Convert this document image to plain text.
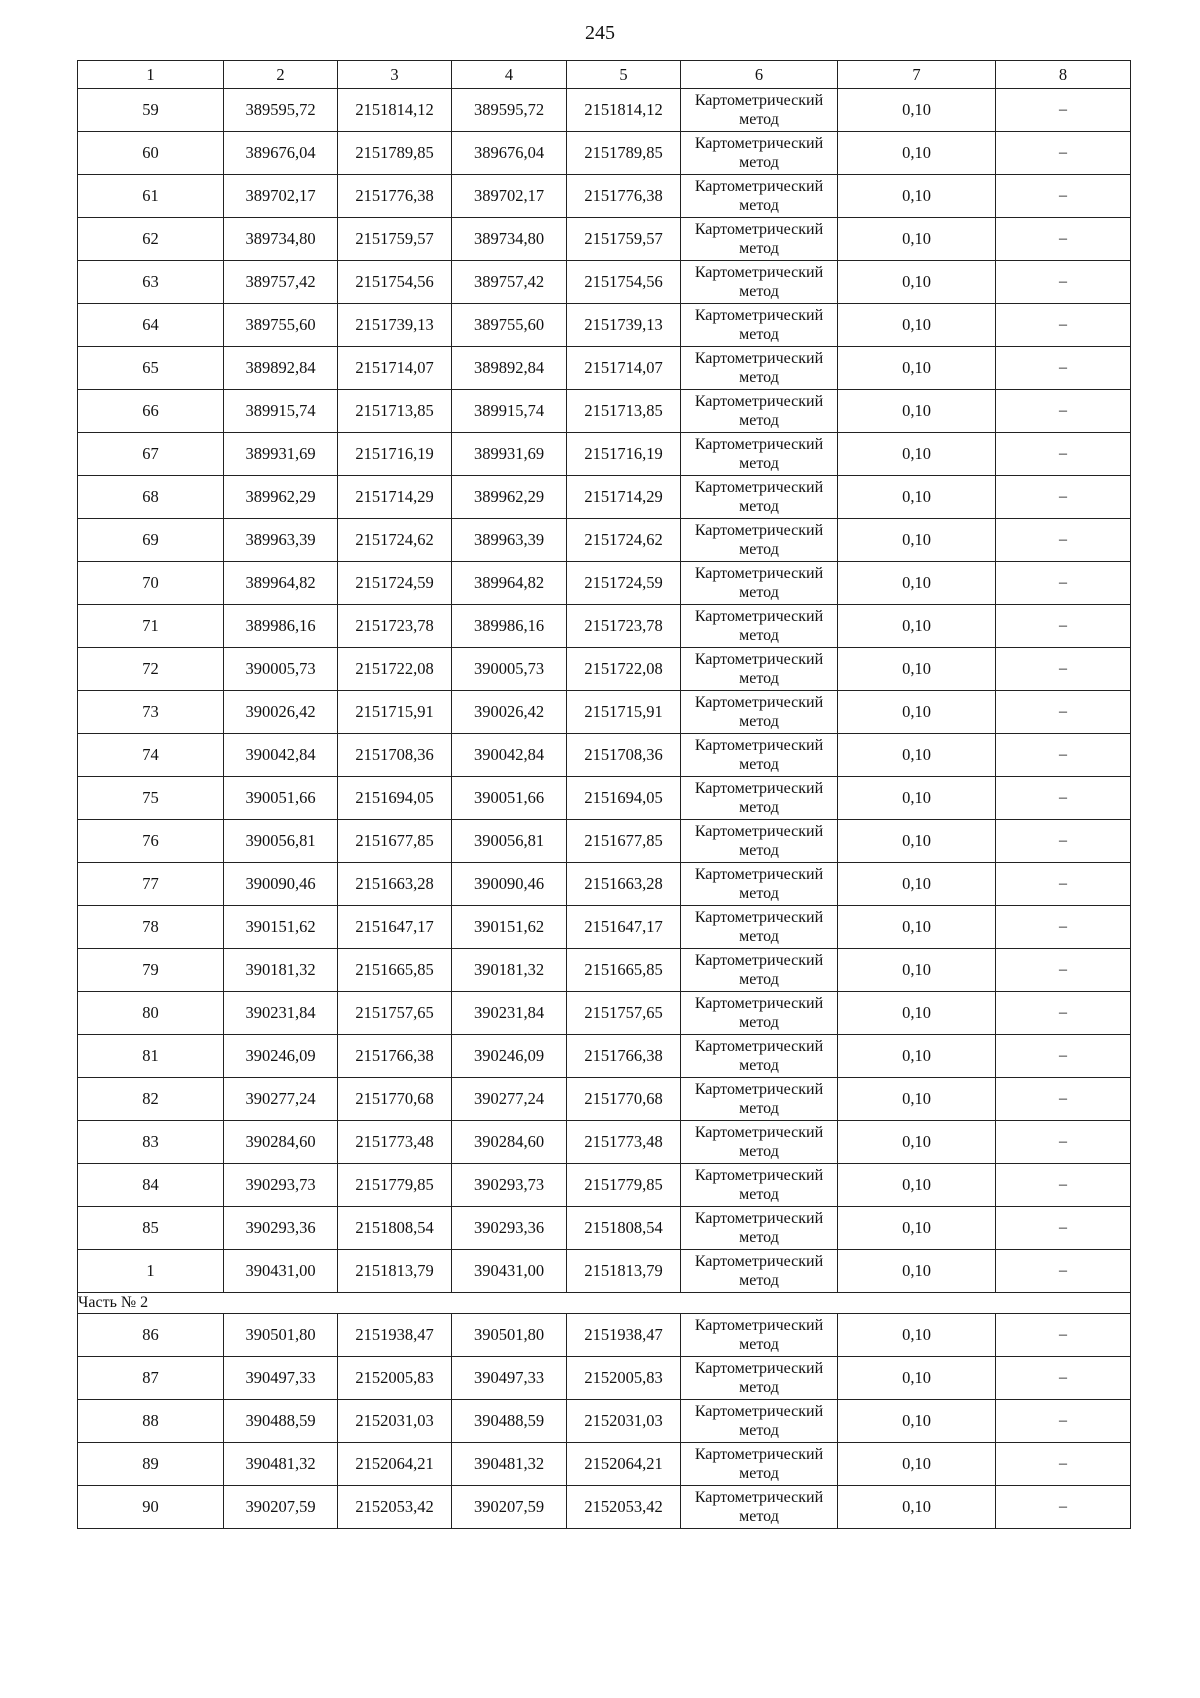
245
1	2	3	4	5	6	7	8
59	389595,72	2151814,12	389595,72	2151814,12	Картометрический
метод	0,10	–
60	389676,04	2151789,85	389676,04	2151789,85	Картометрический
метод	0,10	–
61	389702,17	2151776,38	389702,17	2151776,38	Картометрический
метод	0,10	–
62	389734,80	2151759,57	389734,80	2151759,57	Картометрический
метод	0,10	–
63	389757,42	2151754,56	389757,42	2151754,56	Картометрический
метод	0,10	–
64	389755,60	2151739,13	389755,60	2151739,13	Картометрический
метод	0,10	–
65	389892,84	2151714,07	389892,84	2151714,07	Картометрический
метод	0,10	–
66	389915,74	2151713,85	389915,74	2151713,85	Картометрический
метод	0,10	–
67	389931,69	2151716,19	389931,69	2151716,19	Картометрический
метод	0,10	–
68	389962,29	2151714,29	389962,29	2151714,29	Картометрический
метод	0,10	–
69	389963,39	2151724,62	389963,39	2151724,62	Картометрический
метод	0,10	–
70	389964,82	2151724,59	389964,82	2151724,59	Картометрический
метод	0,10	–
71	389986,16	2151723,78	389986,16	2151723,78	Картометрический
метод	0,10	–
72	390005,73	2151722,08	390005,73	2151722,08	Картометрический
метод	0,10	–
73	390026,42	2151715,91	390026,42	2151715,91	Картометрический
метод	0,10	–
74	390042,84	2151708,36	390042,84	2151708,36	Картометрический
метод	0,10	–
75	390051,66	2151694,05	390051,66	2151694,05	Картометрический
метод	0,10	–
76	390056,81	2151677,85	390056,81	2151677,85	Картометрический
метод	0,10	–
77	390090,46	2151663,28	390090,46	2151663,28	Картометрический
метод	0,10	–
78	390151,62	2151647,17	390151,62	2151647,17	Картометрический
метод	0,10	–
79	390181,32	2151665,85	390181,32	2151665,85	Картометрический
метод	0,10	–
80	390231,84	2151757,65	390231,84	2151757,65	Картометрический
метод	0,10	–
81	390246,09	2151766,38	390246,09	2151766,38	Картометрический
метод	0,10	–
82	390277,24	2151770,68	390277,24	2151770,68	Картометрический
метод	0,10	–
83	390284,60	2151773,48	390284,60	2151773,48	Картометрический
метод	0,10	–
84	390293,73	2151779,85	390293,73	2151779,85	Картометрический
метод	0,10	–
85	390293,36	2151808,54	390293,36	2151808,54	Картометрический
метод	0,10	–
1	390431,00	2151813,79	390431,00	2151813,79	Картометрический
метод	0,10	–
Часть № 2							
86	390501,80	2151938,47	390501,80	2151938,47	Картометрический
метод	0,10	–
87	390497,33	2152005,83	390497,33	2152005,83	Картометрический
метод	0,10	–
88	390488,59	2152031,03	390488,59	2152031,03	Картометрический
метод	0,10	–
89	390481,32	2152064,21	390481,32	2152064,21	Картометрический
метод	0,10	–
90	390207,59	2152053,42	390207,59	2152053,42	Картометрический
метод	0,10	–
